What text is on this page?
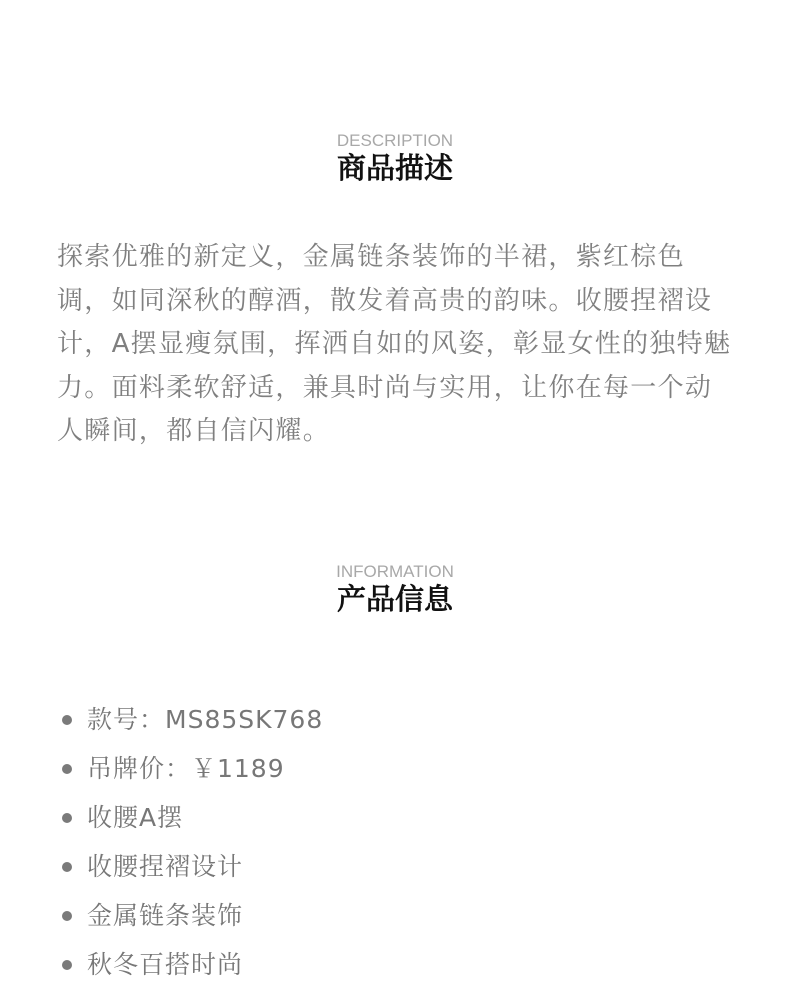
DESCRIPTION
商品描述

探索优雅的新定义，金属链条装饰的半裙，紫红棕色调，如同深秋的醇酒，散发着高贵的韵味。收腰捏褶设计，A摆显瘦氛围，挥洒自如的风姿，彰显女性的独特魅力。面料柔软舒适，兼具时尚与实用，让你在每一个动人瞬间，都自信闪耀。

INFORMATION
产品信息
款号：MS85SK768
吊牌价：￥1189
收腰A摆
收腰捏褶设计
金属链条装饰
秋冬百搭时尚
